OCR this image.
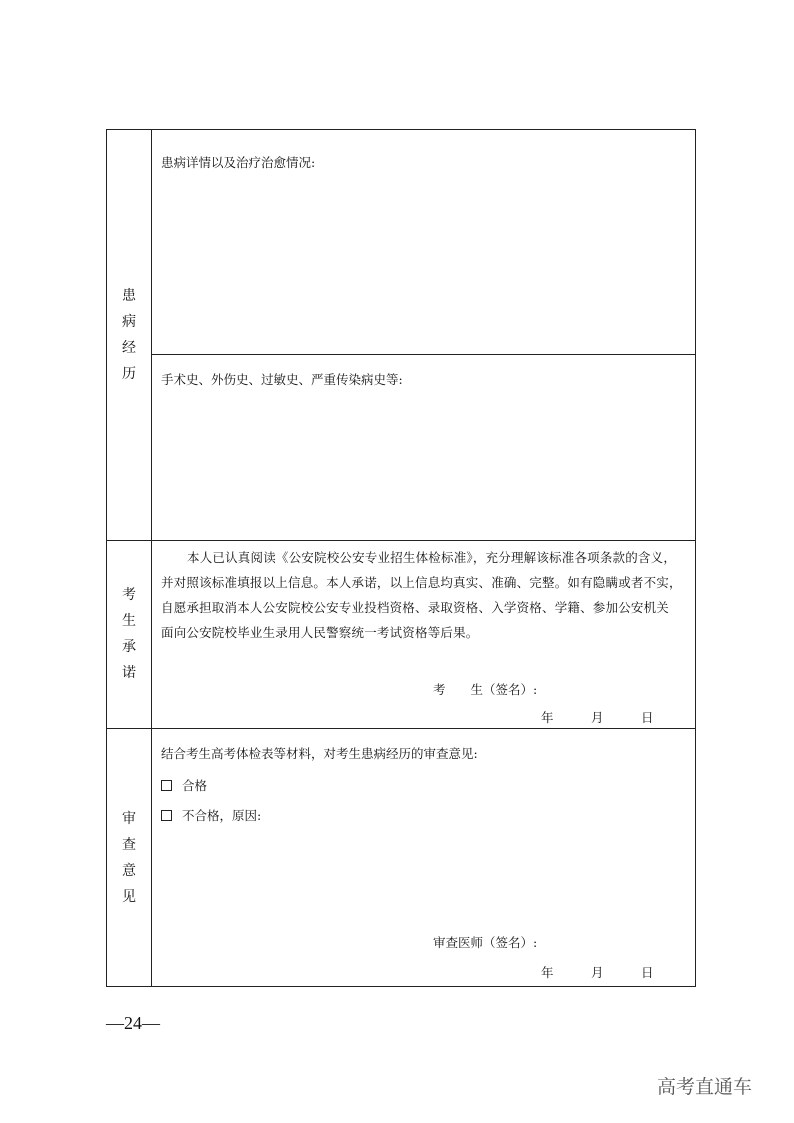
患
病
经
历
患病详情以及治疗治愈情况:
手术史、外伤史、过敏史、严重传染病史等:
考
生
承
诺
本人已认真阅读《公安院校公安专业招生体检标准》，充分理解该标准各项条款的含义，
并对照该标准填报以上信息。本人承诺，以上信息均真实、准确、完整。如有隐瞒或者不实，
自愿承担取消本人公安院校公安专业投档资格、录取资格、入学资格、学籍、参加公安机关
面向公安院校毕业生录用人民警察统一考试资格等后果。
考　　生（签名）:
年　　　月　　　日
审
查
意
见
结合考生高考体检表等材料，对考生患病经历的审查意见:
合格
不合格，原因:
审查医师（签名）:
年　　　月　　　日
—24—
高考直通车
